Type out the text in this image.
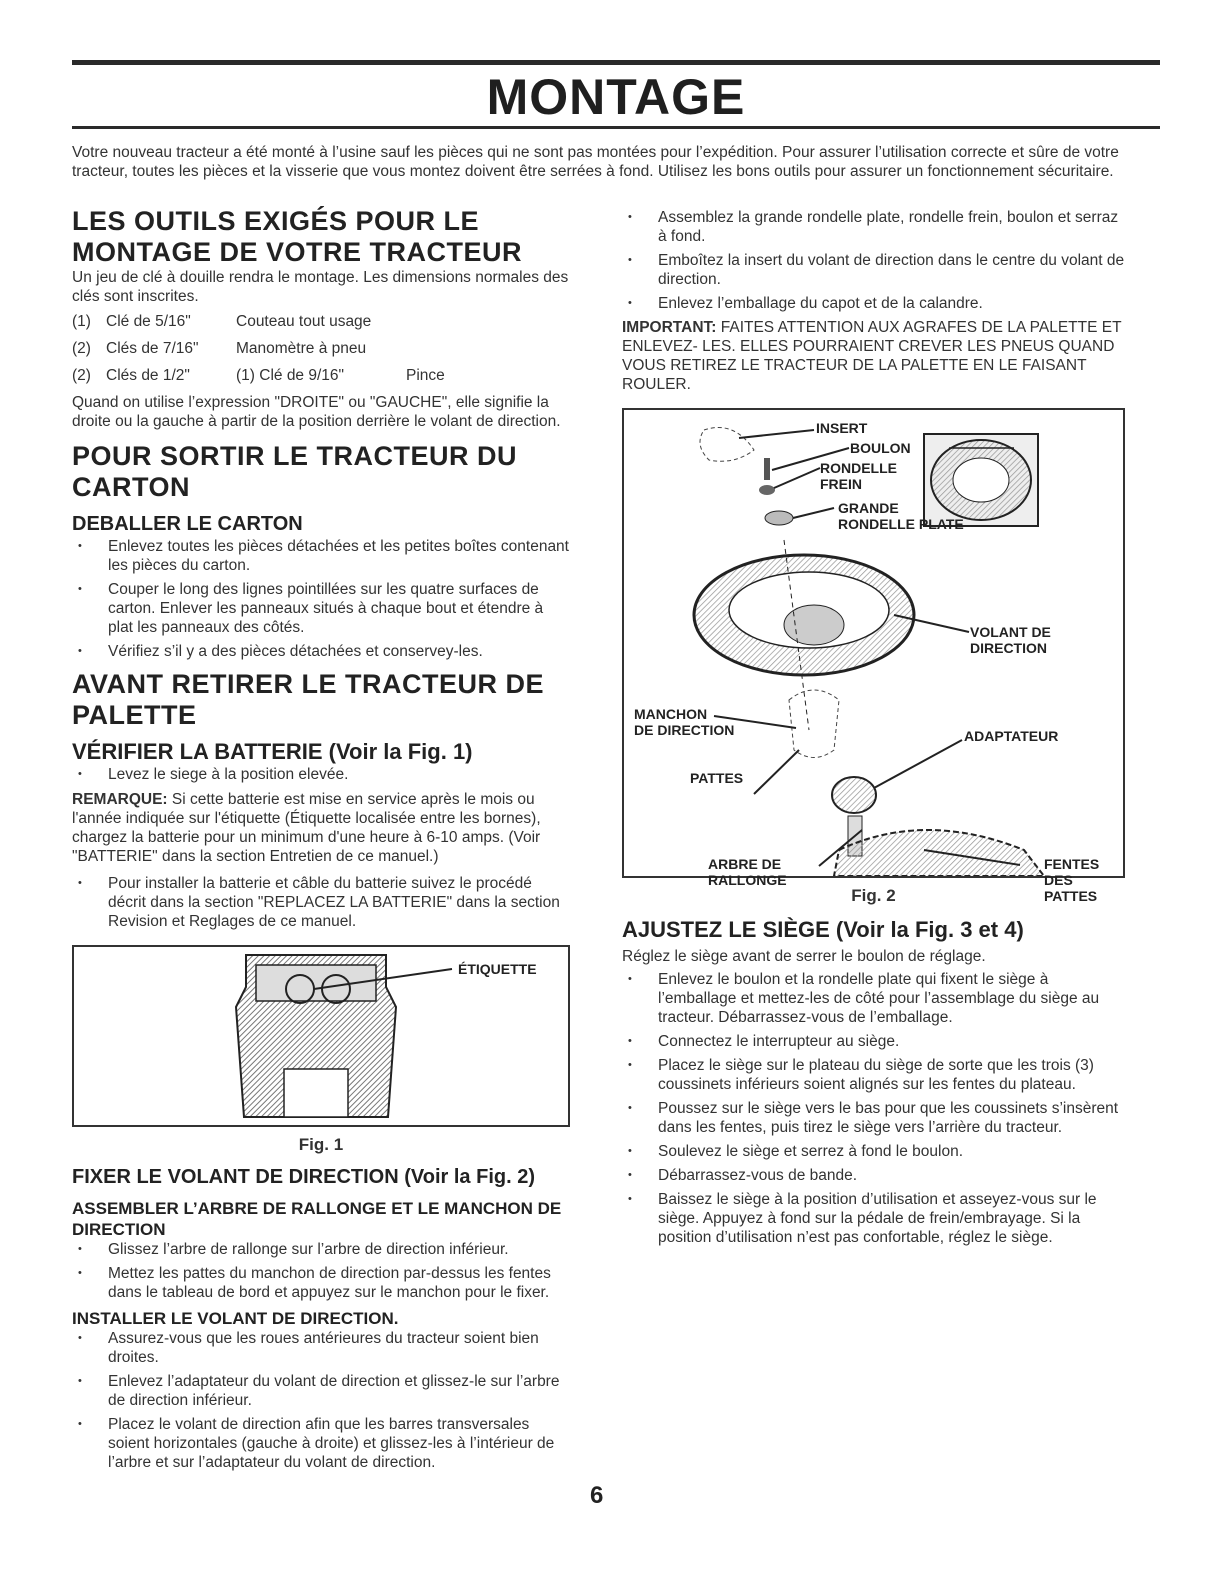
MONTAGE

Votre nouveau tracteur a été monté à l’usine sauf les pièces qui ne sont pas montées pour l’expédition. Pour assurer l’utilisation correcte et sûre de votre tracteur, toutes les pièces et la visserie que vous montez doivent être serrées à fond. Utilisez les bons outils pour assurer un fonctionnement sécuritaire.

LES OUTILS EXIGÉS POUR LE MONTAGE DE VOTRE TRACTEUR

Un jeu de clé à douille rendra le montage. Les dimensions normales des clés sont inscrites.

(1) Clé de 5/16"	Couteau tout usage
(2) Clés de 7/16"	Manomètre à pneu
(2) Clés de 1/2"	(1) Clé de 9/16"	Pince

Quand on utilise l’expression "DROITE" ou "GAUCHE", elle signifie la droite ou la gauche à partir de la position derrière le volant de direction.

POUR SORTIR LE TRACTEUR DU CARTON
DEBALLER LE CARTON
• Enlevez toutes les pièces détachées et les petites boîtes contenant les pièces du carton.
• Couper le long des lignes pointillées sur les quatre surfaces de carton. Enlever les panneaux situés à chaque bout et étendre à plat les panneaux des côtés.
• Vérifiez s’il y a des pièces détachées et conservey-les.
AVANT RETIRER LE TRACTEUR DE PALETTE
VÉRIFIER LA BATTERIE (Voir la Fig. 1)
• Levez le siege à la position elevée.

REMARQUE: Si cette batterie est mise en service après le mois ou l'année indiquée sur l'étiquette (Étiquette localisée entre les bornes), chargez la batterie pour un minimum d'une heure à 6-10 amps. (Voir "BATTERIE" dans la section Entretien de ce manuel.)

• Pour installer la batterie et câble du batterie suivez le procédé décrit dans la section "REPLACEZ LA BATTERIE" dans la section Revision et Reglages de ce manuel.
ÉTIQUETTE
Fig. 1
FIXER LE VOLANT DE DIRECTION (Voir la Fig. 2)
ASSEMBLER L’ARBRE DE RALLONGE ET LE MANCHON DE DIRECTION
• Glissez l’arbre de rallonge sur l’arbre de direction inférieur.
• Mettez les pattes du manchon de direction par-dessus les fentes dans le tableau de bord et appuyez sur le manchon pour le fixer.
INSTALLER LE VOLANT DE DIRECTION.
• Assurez-vous que les roues antérieures du tracteur soient bien droites.
• Enlevez l’adaptateur du volant de direction et glissez-le sur l’arbre de direction inférieur.
• Placez le volant de direction afin que les barres transversales soient horizontales (gauche à droite) et glissez-les à l’intérieur de l’arbre et sur l’adaptateur du volant de direction.
• Assemblez la grande rondelle plate, rondelle frein, boulon et serraz à fond.
• Emboîtez la insert du volant de direction dans le centre du volant de direction.
• Enlevez l’emballage du capot et de la calandre.

IMPORTANT: FAITES ATTENTION AUX AGRAFES DE LA PALETTE ET ENLEVEZ- LES. ELLES POURRAIENT CREVER LES PNEUS QUAND VOUS RETIREZ LE TRACTEUR DE LA PALETTE EN LE FAISANT ROULER.

INSERT
BOULON
RONDELLE
FREIN
GRANDE
RONDELLE PLATE
VOLANT DE
DIRECTION
MANCHON
DE DIRECTION	ADAPTATEUR
PATTES
ARBRE DE
RALLONGE
FENTES
DES
PATTES
Fig. 2
AJUSTEZ LE SIÈGE (Voir la Fig. 3 et 4)

Réglez le siège avant de serrer le boulon de réglage.

• Enlevez le boulon et la rondelle plate qui fixent le siège à l’emballage et mettez-les de côté pour l’assemblage du siège au tracteur. Débarrassez-vous de l’emballage.
• Connectez le interrupteur au siège.
• Placez le siège sur le plateau du siège de sorte que les trois (3) coussinets inférieurs soient alignés sur les fentes du plateau.
• Poussez sur le siège vers le bas pour que les coussinets s’insèrent dans les fentes, puis tirez le siège vers l’arrière du tracteur.
• Soulevez le siège et serrez à fond le boulon.
• Débarrassez-vous de bande.
• Baissez le siège à la position d’utilisation et asseyez-vous sur le siège. Appuyez à fond sur la pédale de frein/embrayage. Si la position d’utilisation n’est pas confortable, réglez le siège.
6
